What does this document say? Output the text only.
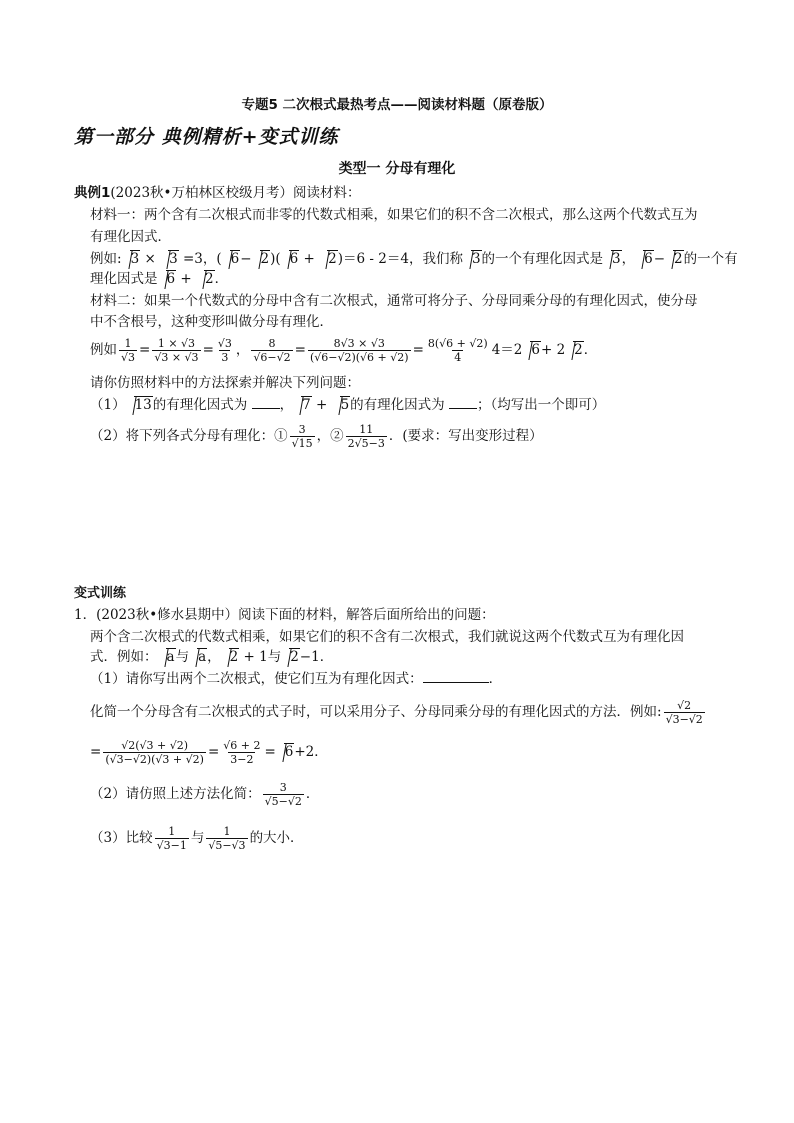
专题5 二次根式最热考点——阅读材料题（原卷版）
第一部分 典例精析+变式训练
类型一 分母有理化
典例1(2023秋•万柏林区校级月考）阅读材料：
材料一：两个含有二次根式而非零的代数式相乘，如果它们的积不含二次根式，那么这两个代数式互为
有理化因式．
例如: 3 × 3 =3，( 6− 2)( 6 + 2)＝6 - 2＝4，我们称 3的一个有理化因式是 3， 6− 2的一个有
理化因式是 6 + 2．
材料二：如果一个代数式的分母中含有二次根式，通常可将分子、分母同乘分母的有理化因式，使分母
中不含根号，这种变形叫做分母有理化．
例如 $\frac{1}{√3} = \frac{1 \times √3}{√3 \times √3} = \frac{√3}{3}$ ， $\frac{8}{√6-√2} = \frac{8√3 \times √3}{(√6-√2)(√6 + √2)} = \frac{8(√6 + √2)}{4} 4=2$ 6 + 2 2 ．
请你仿照材料中的方法探索并解决下列问题：
（1） 13的有理化因式为 ， 7 + 5的有理化因式为 ；（均写出一个即可）
（2）将下列各式分母有理化：① $\frac{3}{√15}$ ，② $\frac{11}{2√5-3}$ ．(要求：写出变形过程）
变式训练
1．(2023秋•修水县期中）阅读下面的材料，解答后面所给出的问题：
两个含二次根式的代数式相乘，如果它们的积不含有二次根式，我们就说这两个代数式互为有理化因
式．例如： a与 a， 2 + 1与 2−1．
（1）请你写出两个二次根式，使它们互为有理化因式：	．
化简一个分母含有二次根式的式子时，可以采用分子、分母同乘分母的有理化因式的方法．例如: $\frac{√2}{√3-√2}$
= $\frac{√2(√3 + √2)}{(√3-√2)(√3 + √2)} = \frac{√6 + 2}{3-2} = 6 +2$．
（2）请仿照上述方法化简： $\frac{3}{√5-√2}$ ．
（3）比较 $\frac{1}{√3-1}$ 与 $\frac{1}{√5-√3}$ 的大小．
